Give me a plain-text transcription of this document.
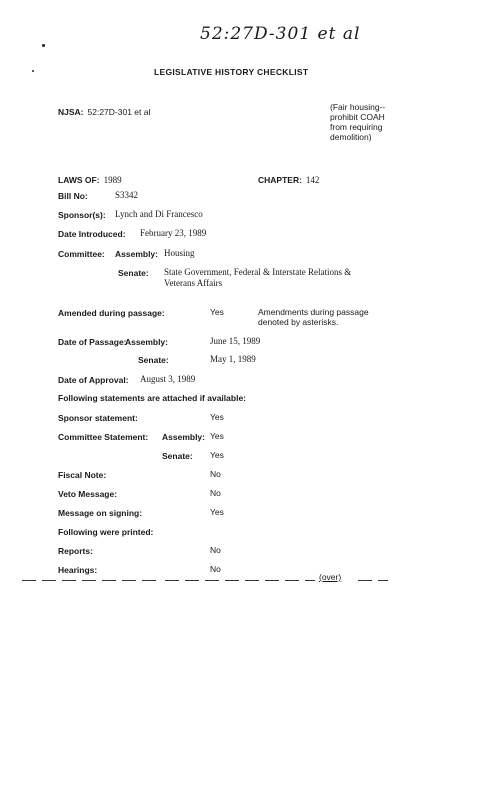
52:27D-301 et al
LEGISLATIVE HISTORY CHECKLIST
NJSA: 52:27D-301 et al	(Fair housing--
prohibit COAH
from requiring
demolition)
LAWS OF: 1989	CHAPTER: 142
Bill No:	S3342
Sponsor(s): Lynch and Di Francesco
Date Introduced: February 23, 1989
Committee: Assembly: Housing
Senate: State Government, Federal & Interstate Relations &
Veterans Affairs
Amended during passage:	Yes	Amendments during passage
denoted by asterisks.
Date of Passage:
Assembly:	June 15, 1989
Senate:	May 1, 1989
Date of Approval: August 3, 1989
Following statements are attached if available:
Sponsor statement:	Yes
Committee Statement: Assembly: Yes
Senate: Yes
Fiscal Note:	No
Veto Message:	No
Message on signing:	Yes
Following were printed:
Reports:	No
Hearings:	No
(over)
